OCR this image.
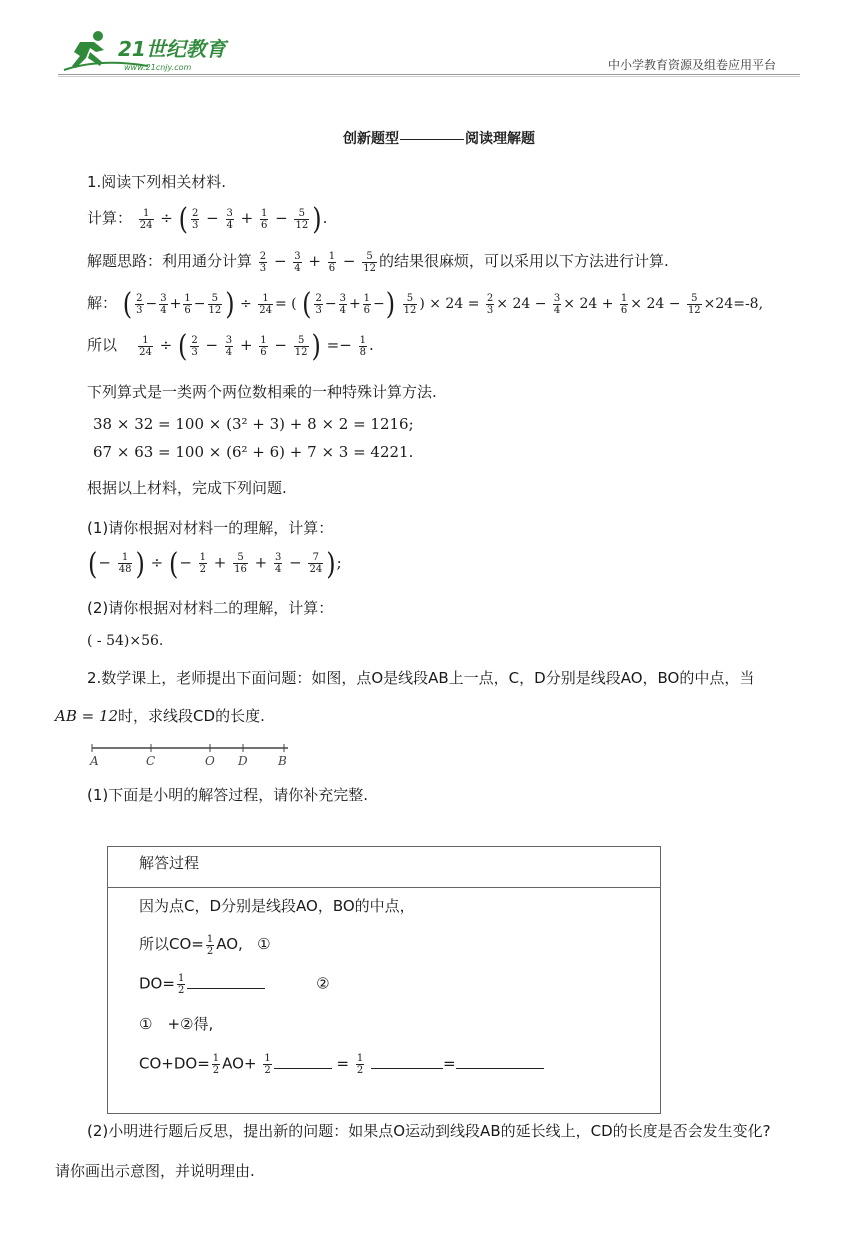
21世纪教育
www.21cnjy.com	中小学教育资源及组卷应用平台
创新题型	阅读理解题
1.阅读下列相关材料.
计算： $\frac{1}{24}$ ÷ ( $\frac{2}{3} - \frac{3}{4} + \frac{1}{6} - \frac{5}{12}$ ).
解题思路：利用通分计算 $\frac{2}{3} - \frac{3}{4} + \frac{1}{6} - \frac{5}{12}$ 的结果很麻烦，可以采用以下方法进行计算.
解： ( $\frac{2}{3} - \frac{3}{4} + \frac{1}{6} - \frac{5}{12}$ ) ÷ $\frac{1}{24}$ = ( ( $\frac{2}{3} - \frac{3}{4} + \frac{1}{6}$ −) $\frac{5}{12}$ ) × $24 = \frac{2}{3} \times 24 - \frac{3}{4} \times 24 + \frac{1}{6} \times 24 - \frac{5}{12} \times 24=-8$,
所以 $\frac{1}{24}$ ÷ ( $\frac{2}{3} - \frac{3}{4} + \frac{1}{6} - \frac{5}{12}$ ) =− $\frac{1}{8}$ .
下列算式是一类两个两位数相乘的一种特殊计算方法.
38 × 32 = 100 × (3² + 3) + 8 × 2 = 1216;
67 × 63 = 100 × (6² + 6) + 7 × 3 = 4221.
根据以上材料，完成下列问题.
(1)请你根据对材料一的理解，计算：
(− $\frac{1}{48}$ ) ÷ (− $\frac{1}{2} + \frac{5}{16} + \frac{3}{4} - \frac{7}{24}$ );
(2)请你根据对材料二的理解，计算：
( - 54)×56.
2.数学课上，老师提出下面问题：如图，点O是线段AB上一点，C，D分别是线段AO，BO的中点，当
AB = 12时，求线段CD的长度.
A	C	O D	B
(1)下面是小明的解答过程，请你补充完整.
解答过程
因为点C，D分别是线段AO，BO的中点，
所以$CO= \frac{1}{2}$ AO, ①
$DO= \frac{1}{2}$	②
①　+②得,
$CO+DO= \frac{1}{2} AO+ \frac{1}{2}$	= $\frac{1}{2}$	=
(2)小明进行题后反思，提出新的问题：如果点O运动到线段AB的延长线上，CD的长度是否会发生变化?
请你画出示意图，并说明理由.
